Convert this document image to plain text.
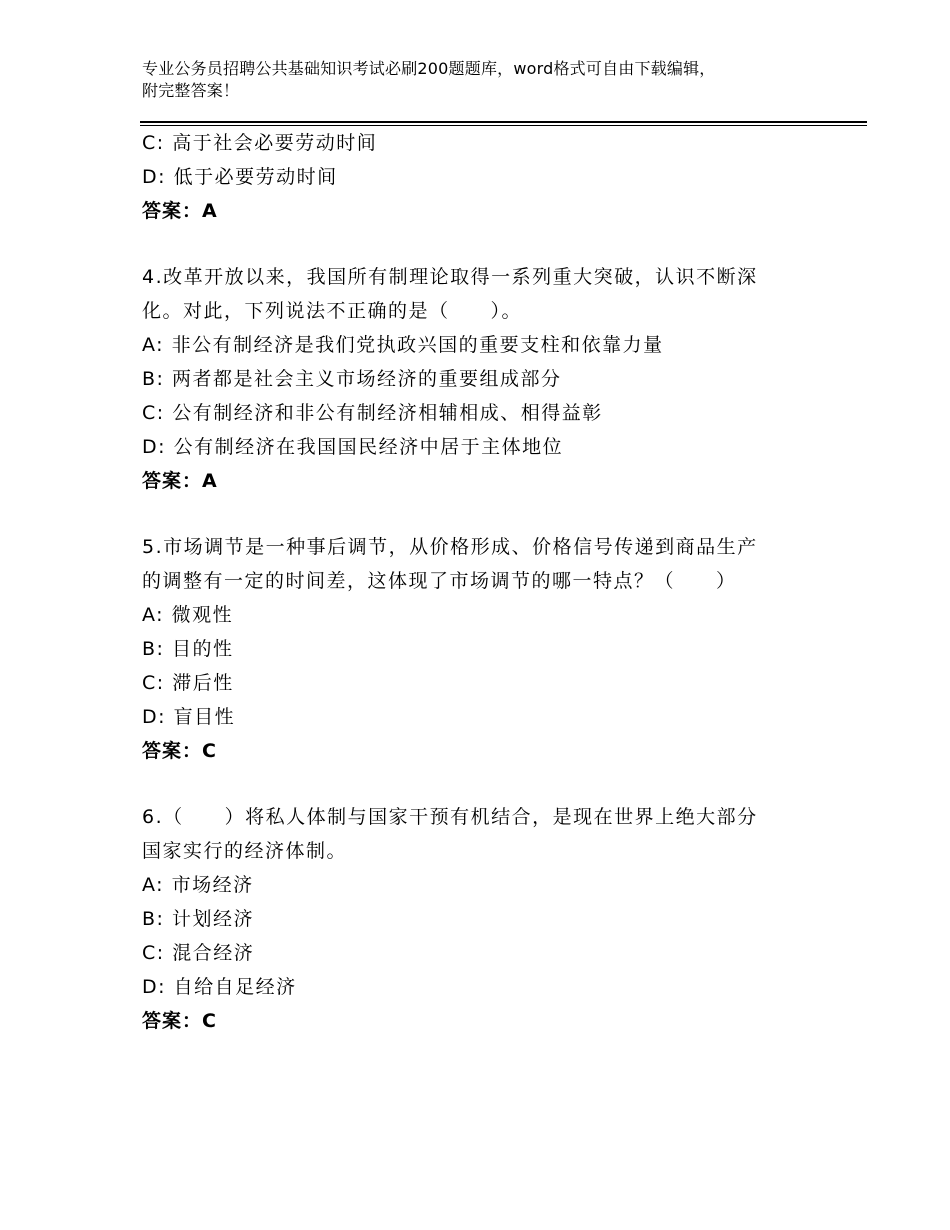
专业公务员招聘公共基础知识考试必刷200题题库，word格式可自由下载编辑，
附完整答案！
C: 高于社会必要劳动时间
D: 低于必要劳动时间
答案：A
4.改革开放以来，我国所有制理论取得一系列重大突破，认识不断深
化。对此，下列说法不正确的是（　　）。
A: 非公有制经济是我们党执政兴国的重要支柱和依靠力量
B: 两者都是社会主义市场经济的重要组成部分
C: 公有制经济和非公有制经济相辅相成、相得益彰
D: 公有制经济在我国国民经济中居于主体地位
答案：A
5.市场调节是一种事后调节，从价格形成、价格信号传递到商品生产
的调整有一定的时间差，这体现了市场调节的哪一特点？（　　）
A: 微观性
B: 目的性
C: 滞后性
D: 盲目性
答案：C
6.（　　）将私人体制与国家干预有机结合，是现在世界上绝大部分
国家实行的经济体制。
A: 市场经济
B: 计划经济
C: 混合经济
D: 自给自足经济
答案：C
